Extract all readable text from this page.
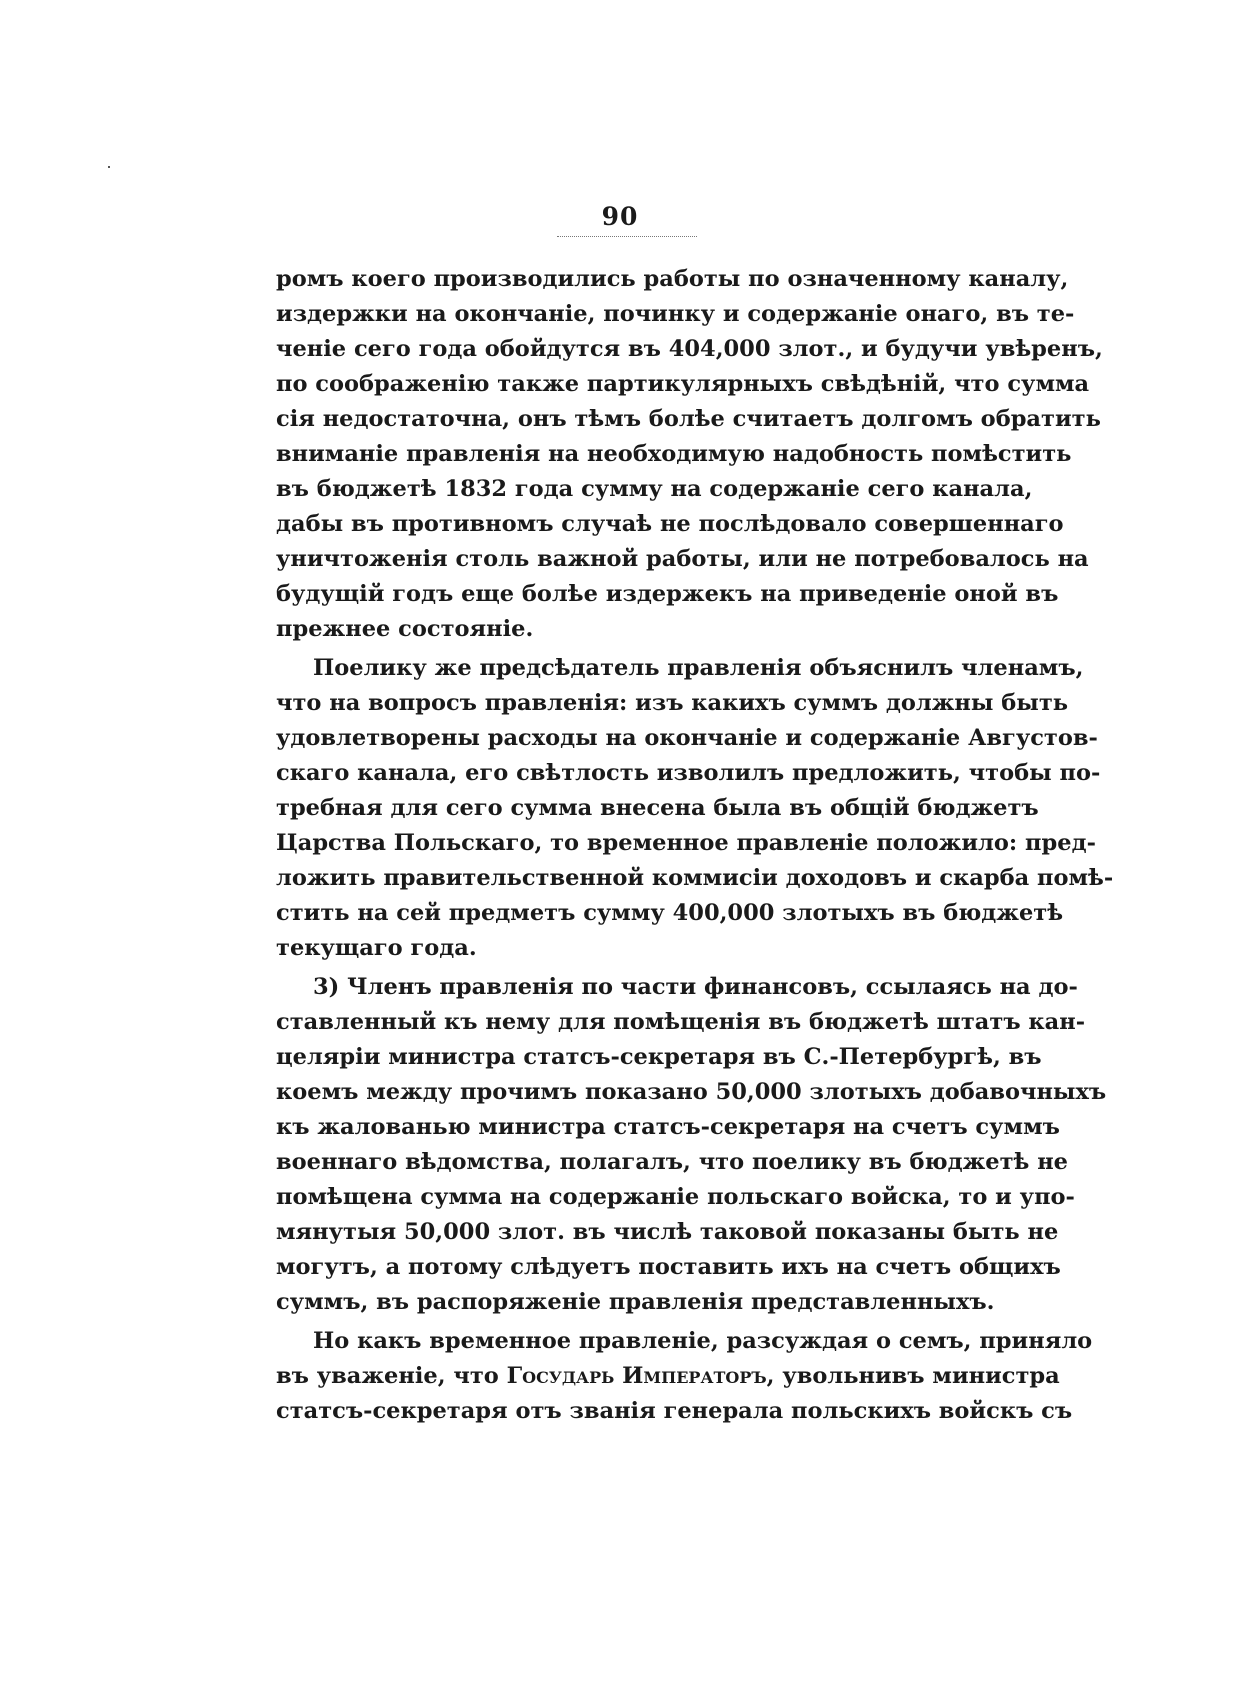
90
ромъ коего производились работы по означенному каналу,
издержки на окончаніе, починку и содержаніе онаго, въ те-
ченіе сего года обойдутся въ 404,000 злот., и будучи увѣренъ,
по соображенію также партикулярныхъ свѣдѣній, что сумма
сія недостаточна, онъ тѣмъ болѣе считаетъ долгомъ обратить
вниманіе правленія на необходимую надобность помѣстить
въ бюджетѣ 1832 года сумму на содержаніе сего канала,
дабы въ противномъ случаѣ не послѣдовало совершеннаго
уничтоженія столь важной работы, или не потребовалось на
будущій годъ еще болѣе издержекъ на приведеніе оной въ
прежнее состояніе.
Поелику же предсѣдатель правленія объяснилъ членамъ,
что на вопросъ правленія: изъ какихъ суммъ должны быть
удовлетворены расходы на окончаніе и содержаніе Августов-
скаго канала, его свѣтлость изволилъ предложить, чтобы по-
требная для сего сумма внесена была въ общій бюджетъ
Царства Польскаго, то временное правленіе положило: пред-
ложить правительственной коммисіи доходовъ и скарба помѣ-
стить на сей предметъ сумму 400,000 злотыхъ въ бюджетѣ
текущаго года.
3) Членъ правленія по части финансовъ, ссылаясь на до-
ставленный къ нему для помѣщенія въ бюджетѣ штатъ кан-
целяріи министра статсъ-секретаря въ С.-Петербургѣ, въ
коемъ между прочимъ показано 50,000 злотыхъ добавочныхъ
къ жалованью министра статсъ-секретаря на счетъ суммъ
военнаго вѣдомства, полагалъ, что поелику въ бюджетѣ не
помѣщена сумма на содержаніе польскаго войска, то и упо-
мянутыя 50,000 злот. въ числѣ таковой показаны быть не
могутъ, а потому слѣдуетъ поставить ихъ на счетъ общихъ
суммъ, въ распоряженіе правленія представленныхъ.
Но какъ временное правленіе, разсуждая о семъ, приняло
въ уваженіе, что Государь Императоръ, увольнивъ министра
статсъ-секретаря отъ званія генерала польскихъ войскъ съ
